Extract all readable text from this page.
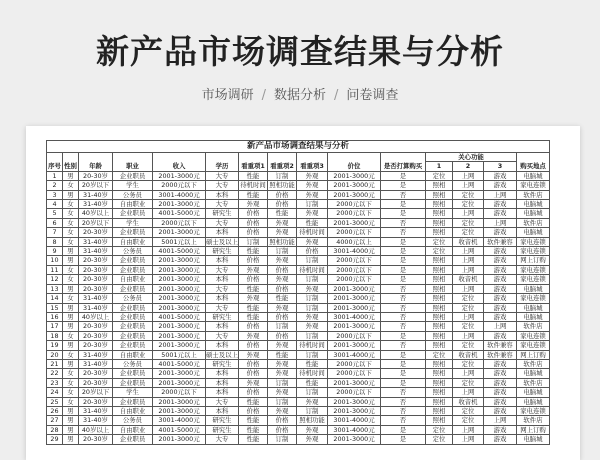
新产品市场调查结果与分析
市场调研 / 数据分析 / 问卷调查
新产品市场调查结果与分析														
											关心功能			
序号	性别	年龄	职业	收入	学历	看重项1	看重项2	看重项3	价位	是否打算购买	1	2	3	购买地点
1	男	20-30岁	企业职员	2001-3000元	大专	性能	订制	外观	2001-3000元	是	定位	上网	游戏	电脑城
2	女	20岁以下	学生	2000元以下	大专	待机时间	照相功能	外观	2001-3000元	是	照相	上网	游戏	家电连锁
3	男	31-40岁	公务员	3001-4000元	本科	性能	价格	外观	2001-3000元	否	照相	定位	上网	软件店
4	女	31-40岁	自由职业	2001-3000元	大专	外观	价格	订制	2000元以下	是	照相	定位	游戏	电脑城
5	女	40岁以上	企业职员	4001-5000元	研究生	价格	性能	外观	2000元以下	是	照相	上网	游戏	电脑城
6	女	20岁以下	学生	2000元以下	大专	价格	外观	性能	2001-3000元	否	照相	定位	上网	软件店
7	女	20-30岁	企业职员	2001-3000元	本科	价格	外观	待机时间	2000元以下	否	照相	定位	游戏	电脑城
8	女	31-40岁	自由职业	5001元以上	硕士及以上	订制	照相功能	外观	4000元以上	是	定位	收音机	软件兼容	家电连锁
9	男	31-40岁	公务员	4001-5000元	研究生	性能	订制	价格	3001-4000元	是	定位	上网	游戏	家电连锁
10	男	20-30岁	企业职员	2001-3000元	本科	价格	外观	订制	2000元以下	是	照相	上网	游戏	网上订购
11	女	20-30岁	企业职员	2001-3000元	大专	外观	价格	待机时间	2000元以下	是	照相	上网	游戏	家电连锁
12	女	20-30岁	自由职业	2001-3000元	本科	价格	外观	订制	2000元以下	是	照相	收音机	游戏	家电连锁
13	男	20-30岁	企业职员	2001-3000元	大专	性能	价格	外观	2001-3000元	否	照相	上网	游戏	电脑城
14	女	31-40岁	公务员	2001-3000元	本科	外观	性能	订制	2001-3000元	否	照相	定位	游戏	家电连锁
15	男	31-40岁	企业职员	2001-3000元	大专	性能	外观	订制	2001-3000元	否	照相	定位	游戏	电脑城
16	男	40岁以上	企业职员	4001-5000元	研究生	性能	价格	外观	3001-4000元	否	照相	上网	游戏	电脑城
17	男	20-30岁	企业职员	2001-3000元	本科	价格	订制	外观	2001-3000元	否	照相	定位	上网	软件店
18	女	20-30岁	企业职员	2001-3000元	大专	外观	价格	订制	2000元以下	是	照相	上网	游戏	家电连锁
19	男	20-30岁	企业职员	2001-3000元	本科	价格	外观	待机时间	2001-3000元	否	照相	定位	软件兼容	家电连锁
20	女	31-40岁	自由职业	5001元以上	硕士及以上	外观	性能	订制	3001-4000元	是	定位	收音机	软件兼容	网上订购
21	男	31-40岁	公务员	4001-5000元	研究生	价格	外观	性能	2000元以下	是	照相	定位	游戏	软件店
22	女	20-30岁	企业职员	2001-3000元	本科	价格	外观	待机时间	2000元以下	是	照相	上网	游戏	电脑城
23	女	20-30岁	企业职员	2001-3000元	本科	外观	订制	性能	2001-3000元	是	照相	定位	游戏	软件店
24	女	20岁以下	学生	2000元以下	本科	价格	外观	订制	2000元以下	否	照相	上网	游戏	电脑城
25	女	20-30岁	企业职员	2001-3000元	大专	性能	订制	外观	2001-3000元	否	照相	收音机	游戏	电脑城
26	男	31-40岁	自由职业	2001-3000元	本科	价格	外观	订制	2001-3000元	否	照相	定位	游戏	家电连锁
27	男	31-40岁	公务员	3001-4000元	研究生	性能	价格	照相功能	3001-4000元	否	照相	定位	上网	软件店
28	男	40岁以上	自由职业	4001-5000元	研究生	性能	价格	外观	3001-4000元	是	定位	上网	游戏	网上订购
29	男	20-30岁	企业职员	2001-3000元	大专	性能	订制	外观	2001-3000元	是	定位	上网	游戏	电脑城
